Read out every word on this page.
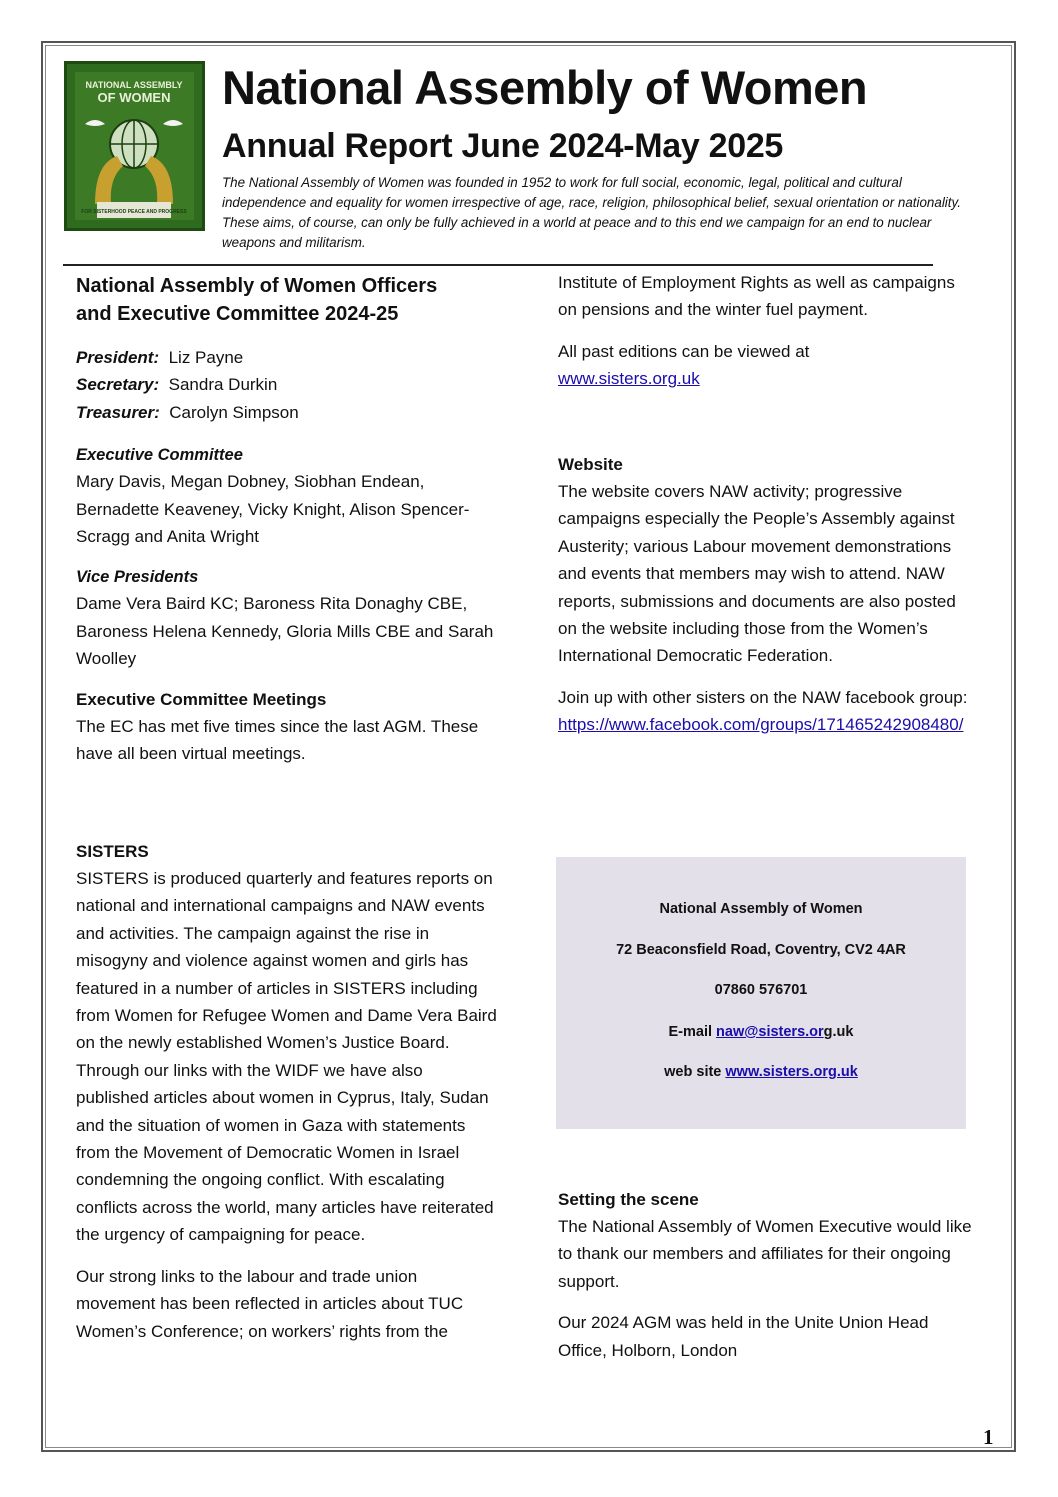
NATIONAL ASSEMBLY
OF WOMEN
FOR SISTERHOOD PEACE AND PROGRESS
National Assembly of Women
Annual Report June 2024-May 2025
The National Assembly of Women was founded in 1952 to work for full social, economic, legal, political and cultural independence and equality for women irrespective of age, race, religion, philosophical belief, sexual orientation or nationality. These aims, of course, can only be fully achieved in a world at peace and to this end we campaign for an end to nuclear weapons and militarism.
National Assembly of Women Officers and Executive Committee 2024-25
President: Liz Payne
Secretary: Sandra Durkin
Treasurer: Carolyn Simpson
Executive Committee

Mary Davis, Megan Dobney, Siobhan Endean, Bernadette Keaveney, Vicky Knight, Alison Spencer-Scragg and Anita Wright

Vice Presidents

Dame Vera Baird KC; Baroness Rita Donaghy CBE, Baroness Helena Kennedy, Gloria Mills CBE and Sarah Woolley

Executive Committee Meetings

The EC has met five times since the last AGM. These have all been virtual meetings.

SISTERS

SISTERS is produced quarterly and features reports on national and international campaigns and NAW events and activities. The campaign against the rise in misogyny and violence against women and girls has featured in a number of articles in SISTERS including from Women for Refugee Women and Dame Vera Baird on the newly established Women’s Justice Board. Through our links with the WIDF we have also published articles about women in Cyprus, Italy, Sudan and the situation of women in Gaza with statements from the Movement of Democratic Women in Israel condemning the ongoing conflict. With escalating conflicts across the world, many articles have reiterated the urgency of campaigning for peace.

Our strong links to the labour and trade union movement has been reflected in articles about TUC Women’s Conference; on workers’ rights from the

Institute of Employment Rights as well as campaigns on pensions and the winter fuel payment.

All past editions can be viewed at
www.sisters.org.uk

Website

The website covers NAW activity; progressive campaigns especially the People’s Assembly against Austerity; various Labour movement demonstrations and events that members may wish to attend. NAW reports, submissions and documents are also posted on the website including those from the Women’s International Democratic Federation.

Join up with other sisters on the NAW facebook group: https://www.facebook.com/groups/171465242908480/

National Assembly of Women
72 Beaconsfield Road, Coventry, CV2 4AR
07860 576701
E-mail naw@sisters.org.uk
web site www.sisters.org.uk
Setting the scene

The National Assembly of Women Executive would like to thank our members and affiliates for their ongoing support.

Our 2024 AGM was held in the Unite Union Head Office, Holborn, London

1
